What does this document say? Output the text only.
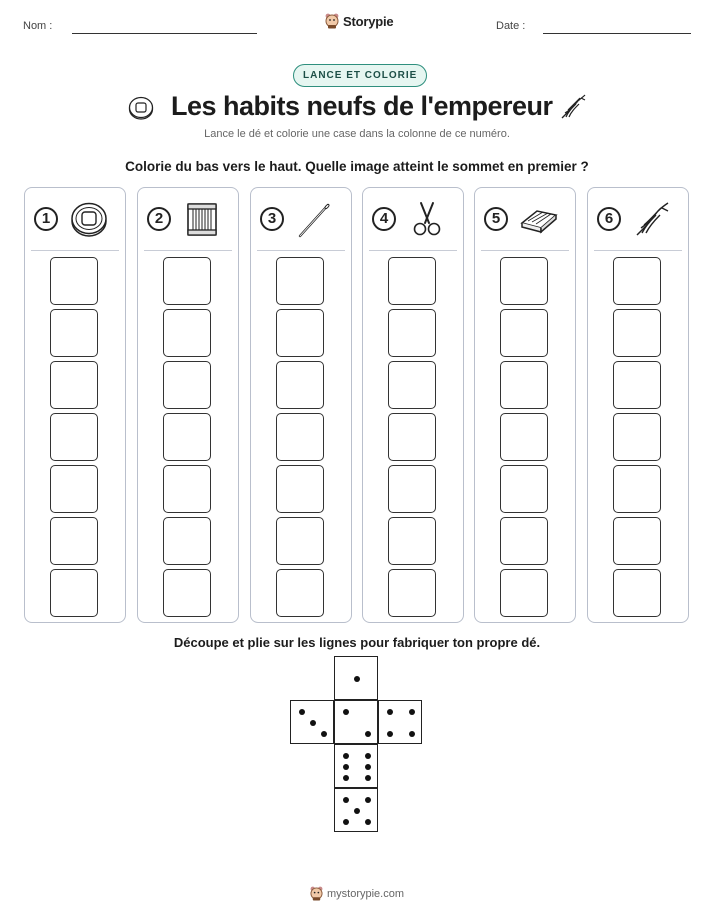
Nom :	Storypie	Date :
LANCE ET COLORIE
Les habits neufs de l'empereur
Lance le dé et colorie une case dans la colonne de ce numéro.
Colorie du bas vers le haut. Quelle image atteint le sommet en premier ?
1	2	3	4	5	6
Découpe et plie sur les lignes pour fabriquer ton propre dé.
mystorypie.com
